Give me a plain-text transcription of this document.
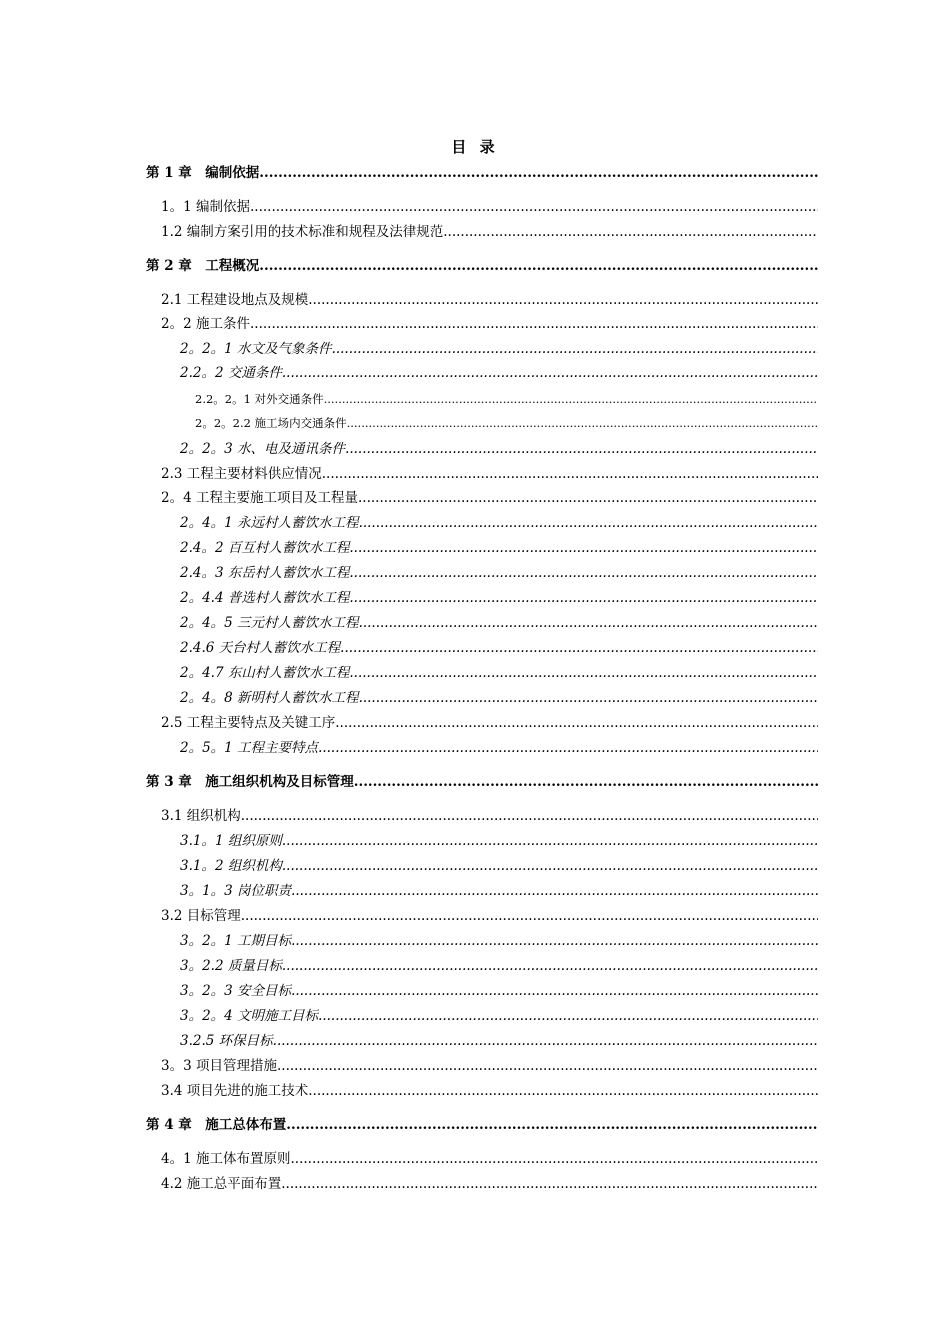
目 录
第 1 章　编制依据
.....
1。1 编制依据
.....
1.2 编制方案引用的技术标准和规程及法律规范
.....
第 2 章　工程概况
.....
2.1 工程建设地点及规模
.....
2。2 施工条件
.....
2。2。1 水文及气象条件
.....
2.2。2 交通条件
.....
2.2。2。1 对外交通条件
.....
2。2。2.2 施工场内交通条件
.....
2。2。3 水、电及通讯条件
.....
2.3 工程主要材料供应情况
.....
2。4 工程主要施工项目及工程量
.....
2。4。1 永远村人蓄饮水工程
.....
2.4。2 百互村人蓄饮水工程
.....
2.4。3 东岳村人蓄饮水工程
.....
2。4.4 普选村人蓄饮水工程
.....
2。4。5 三元村人蓄饮水工程
.....
2.4.6 天台村人蓄饮水工程
.....
2。4.7 东山村人蓄饮水工程
.....
2。4。8 新明村人蓄饮水工程
.....
2.5 工程主要特点及关键工序
.....
2。5。1 工程主要特点
.....
第 3 章　施工组织机构及目标管理
.....
3.1 组织机构
.....
3.1。1 组织原则
.....
3.1。2 组织机构
.....
3。1。3 岗位职责
.....
3.2 目标管理
.....
3。2。1 工期目标
.....
3。2.2 质量目标
.....
3。2。3 安全目标
.....
3。2。4 文明施工目标
.....
3.2.5 环保目标
.....
3。3 项目管理措施
.....
3.4 项目先进的施工技术
.....
第 4 章　施工总体布置
.....
4。1 施工体布置原则
.....
4.2 施工总平面布置
.....
